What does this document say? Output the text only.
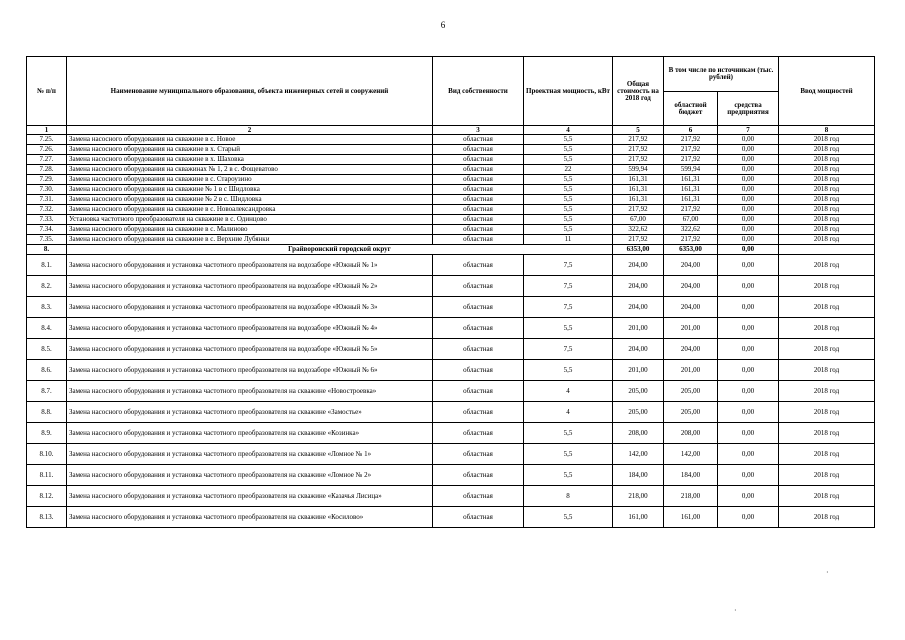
6
№ п/п	Наименование муниципального образования, объекта инженерных сетей и сооружений	Вид собственности	Проектная мощность, кВт	Общая стоимость на 2018 год	В том числе по источникам (тыс. рублей)		Ввод мощностей
					областной бюджет	средства предприятия	
1	2	3	4	5	6	7	8
7.25.	Замена насосного оборудования на скважине в с. Новое	областная	5,5	217,92	217,92	0,00	2018 год
7.26.	Замена насосного оборудования на скважине в х. Старый	областная	5,5	217,92	217,92	0,00	2018 год
7.27.	Замена насосного оборудования на скважине в х. Шаховка	областная	5,5	217,92	217,92	0,00	2018 год
7.28.	Замена насосного оборудования на скважинах № 1, 2 в с. Фощеватово	областная	22	599,94	599,94	0,00	2018 год
7.29.	Замена насосного оборудования на скважине в с. Староузино	областная	5,5	161,31	161,31	0,00	2018 год
7.30.	Замена насосного оборудования на скважине № 1 в с Шидловка	областная	5,5	161,31	161,31	0,00	2018 год
7.31.	Замена насосного оборудования на скважине № 2 в с. Шидловка	областная	5,5	161,31	161,31	0,00	2018 год
7.32.	Замена насосного оборудования на скважине в с. Новоалександровка	областная	5,5	217,92	217,92	0,00	2018 год
7.33.	Установка частотного преобразователя на скважине в с. Одинцово	областная	5,5	67,00	67,00	0,00	2018 год
7.34.	Замена насосного оборудования на скважине в с. Малиново	областная	5,5	322,62	322,62	0,00	2018 год
7.35.	Замена насосного оборудования на скважине в с. Верхние Лубянки	областная	11	217,92	217,92	0,00	2018 год
8.	Грайворонский городской округ			6353,00	6353,00	0,00	
8.1.	Замена насосного оборудования и установка частотного преобразователя на водозаборе «Южный № 1»	областная	7,5	204,00	204,00	0,00	2018 год
8.2.	Замена насосного оборудования и установка частотного преобразователя на водозаборе «Южный № 2»	областная	7,5	204,00	204,00	0,00	2018 год
8.3.	Замена насосного оборудования и установка частотного преобразователя на водозаборе «Южный № 3»	областная	7,5	204,00	204,00	0,00	2018 год
8.4.	Замена насосного оборудования и установка частотного преобразователя на водозаборе «Южный № 4»	областная	5,5	201,00	201,00	0,00	2018 год
8.5.	Замена насосного оборудования и установка частотного преобразователя на водозаборе «Южный № 5»	областная	7,5	204,00	204,00	0,00	2018 год
8.6.	Замена насосного оборудования и установка частотного преобразователя на водозаборе «Южный № 6»	областная	5,5	201,00	201,00	0,00	2018 год
8.7.	Замена насосного оборудования и установка частотного преобразователя на скважине «Новостроевка»	областная	4	205,00	205,00	0,00	2018 год
8.8.	Замена насосного оборудования и установка частотного преобразователя на скважине «Замостье»	областная	4	205,00	205,00	0,00	2018 год
8.9.	Замена насосного оборудования и установка частотного преобразователя на скважине «Козинка»	областная	5,5	208,00	208,00	0,00	2018 год
8.10.	Замена насосного оборудования и установка частотного преобразователя на скважине «Ломное № 1»	областная	5,5	142,00	142,00	0,00	2018 год
8.11.	Замена насосного оборудования и установка частотного преобразователя на скважине «Ломное № 2»	областная	5,5	184,00	184,00	0,00	2018 год
8.12.	Замена насосного оборудования и установка частотного преобразователя на скважине «Казачья Лисица»	областная	8	218,00	218,00	0,00	2018 год
8.13.	Замена насосного оборудования и установка частотного преобразователя на скважине «Косилово»	областная	5,5	161,00	161,00	0,00	2018 год
·
·
